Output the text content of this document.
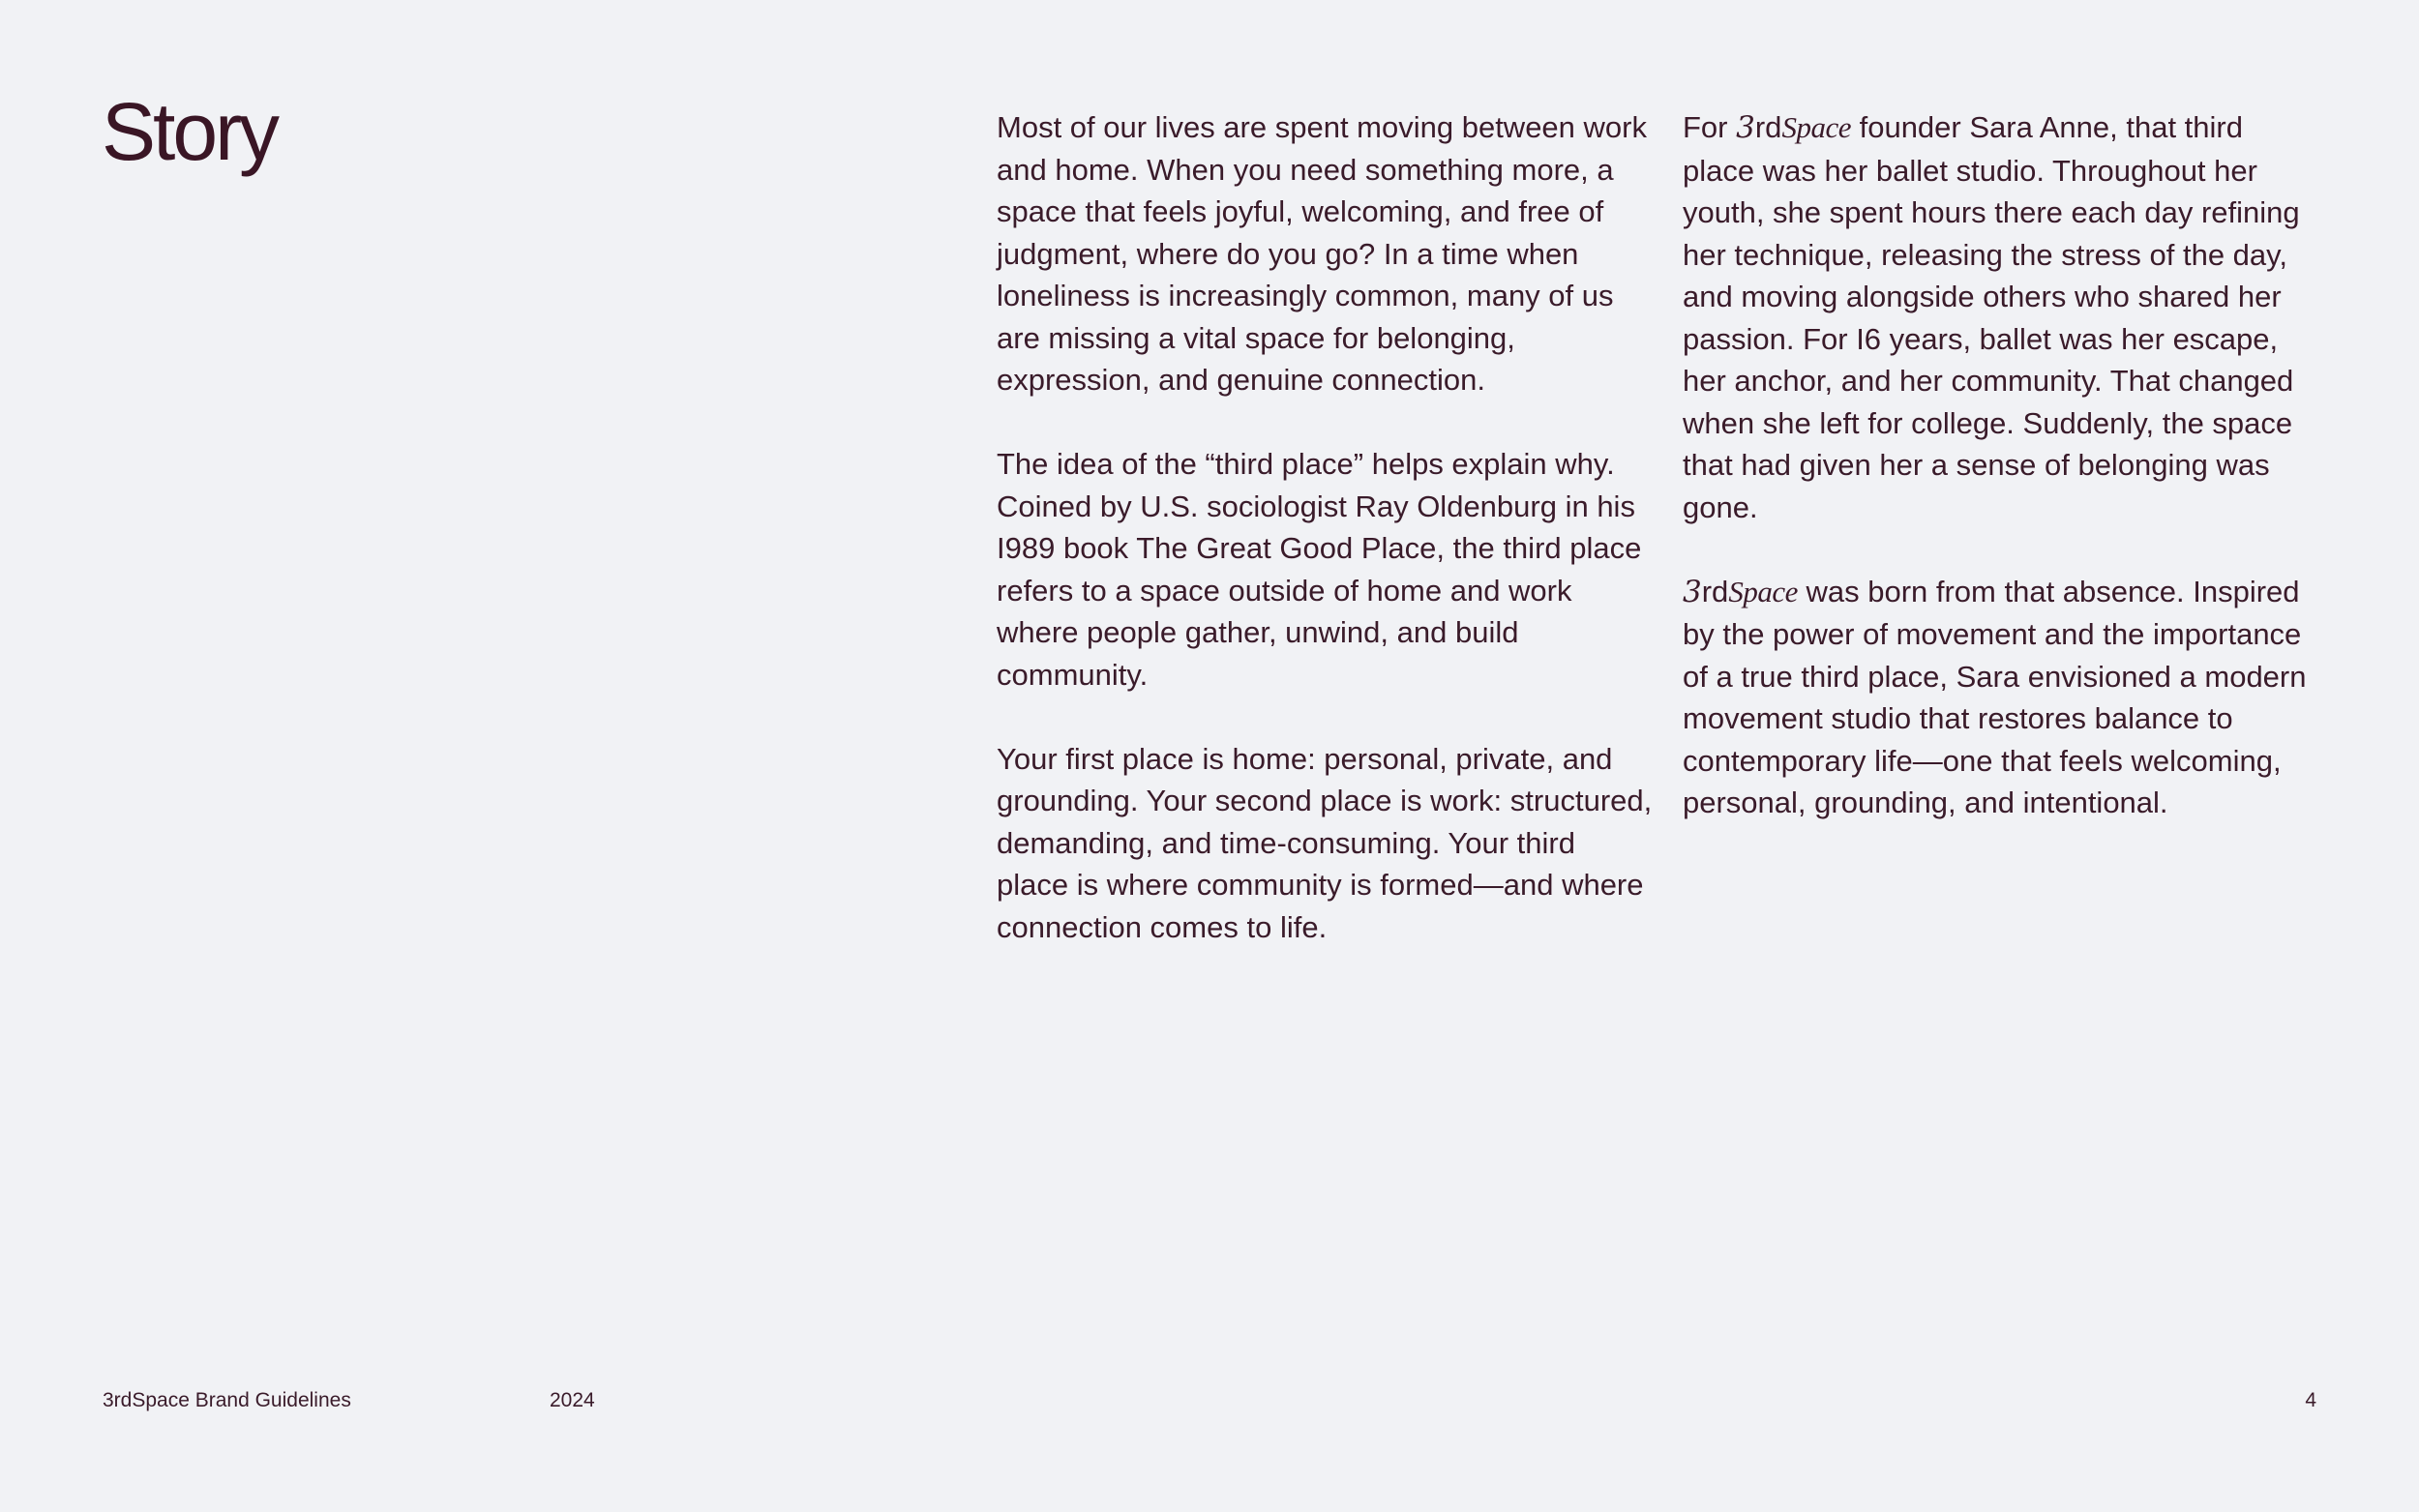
Story	Most of our lives are spent moving between work and home. When you need something more, a space that feels joyful, welcoming, and free of judgment, where do you go? In a time when loneliness is increasingly common, many of us are missing a vital space for belonging, expression, and genuine connection.

The idea of the “third place” helps explain why. Coined by U.S. sociologist Ray Oldenburg in his I989 book The Great Good Place, the third place refers to a space outside of home and work where people gather, unwind, and build community.

Your first place is home: personal, private, and grounding. Your second place is work: structured, demanding, and time-consuming. Your third place is where community is formed—and where connection comes to life.

For 3rdSpace founder Sara Anne, that third place was her ballet studio. Throughout her youth, she spent hours there each day refining her technique, releasing the stress of the day, and moving alongside others who shared her passion. For I6 years, ballet was her escape, her anchor, and her community. That changed when she left for college. Suddenly, the space that had given her a sense of belonging was gone.

3rdSpace was born from that absence. Inspired by the power of movement and the importance of a true third place, Sara envisioned a modern movement studio that restores balance to contemporary life—one that feels welcoming, personal, grounding, and intentional.

3rdSpace Brand Guidelines	2024	4
